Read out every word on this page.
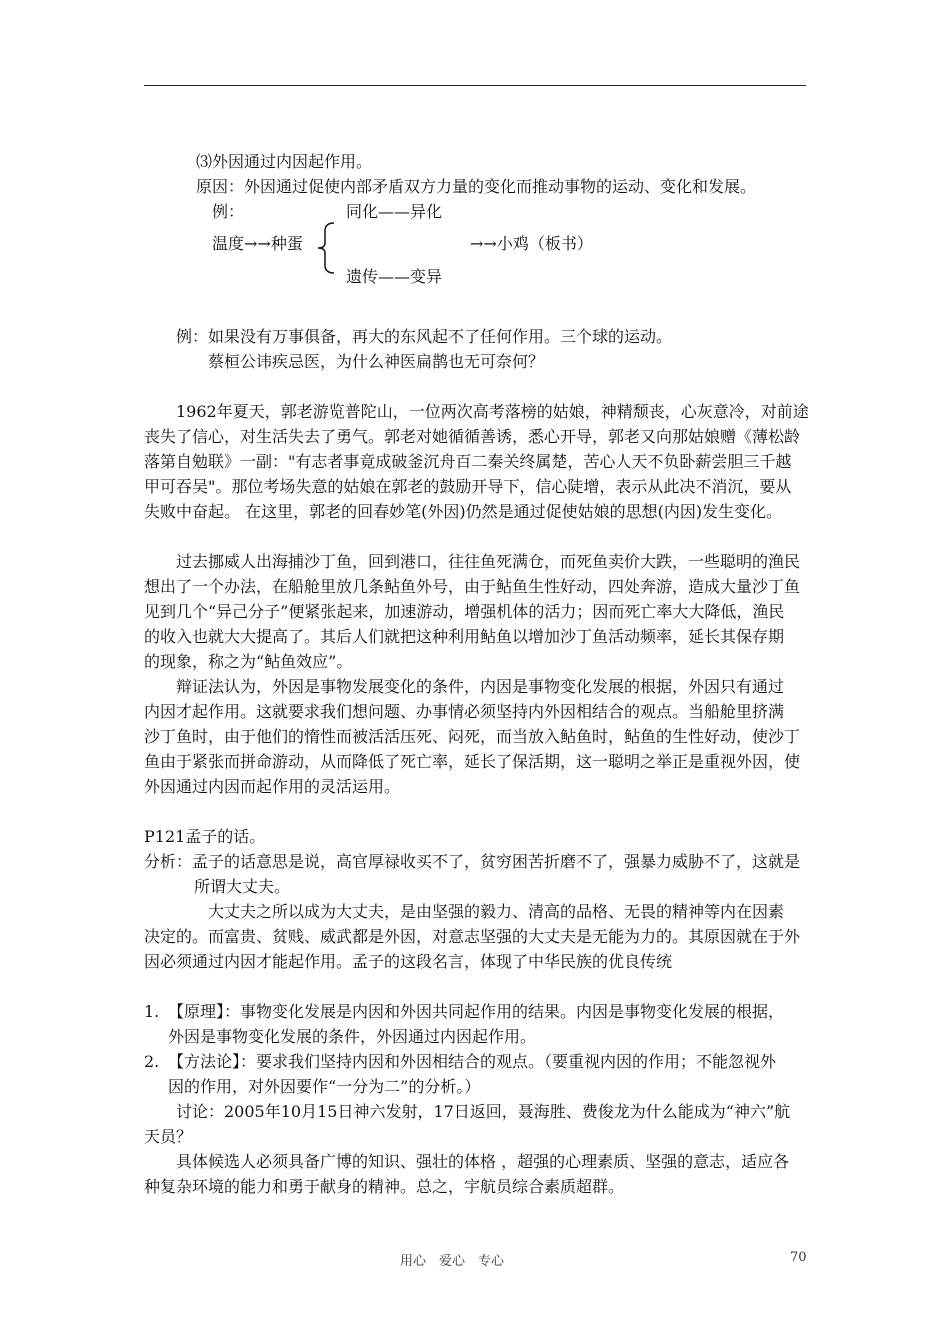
⑶外因通过内因起作用。
原因：外因通过促使内部矛盾双方力量的变化而推动事物的运动、变化和发展。
例：	同化——异化
温度→→种蛋	→→小鸡（板书）
遗传——变异
例：如果没有万事俱备，再大的东风起不了任何作用。三个球的运动。
蔡桓公讳疾忌医，为什么神医扁鹊也无可奈何？
1962年夏天，郭老游览普陀山，一位两次高考落榜的姑娘，神精颓丧，心灰意冷，对前途
丧失了信心，对生活失去了勇气。郭老对她循循善诱，悉心开导，郭老又向那姑娘赠《薄松龄
落第自勉联》一副："有志者事竟成破釜沉舟百二秦关终属楚，苦心人天不负卧薪尝胆三千越
甲可吞吴"。那位考场失意的姑娘在郭老的鼓励开导下，信心陡增，表示从此决不消沉，要从
失败中奋起。 在这里，郭老的回春妙笔(外因)仍然是通过促使姑娘的思想(内因)发生变化。
过去挪威人出海捕沙丁鱼，回到港口，往往鱼死满仓，而死鱼卖价大跌，一些聪明的渔民
想出了一个办法，在船舱里放几条鲇鱼外号，由于鲇鱼生性好动，四处奔游，造成大量沙丁鱼
见到几个“异己分子”便紧张起来，加速游动，增强机体的活力；因而死亡率大大降低，渔民
的收入也就大大提高了。其后人们就把这种利用鲇鱼以增加沙丁鱼活动频率，延长其保存期
的现象，称之为“鲇鱼效应”。
辩证法认为，外因是事物发展变化的条件，内因是事物变化发展的根据，外因只有通过
内因才起作用。这就要求我们想问题、办事情必须坚持内外因相结合的观点。当船舱里挤满
沙丁鱼时，由于他们的惰性而被活活压死、闷死，而当放入鲇鱼时，鲇鱼的生性好动，使沙丁
鱼由于紧张而拼命游动，从而降低了死亡率，延长了保活期，这一聪明之举正是重视外因，使
外因通过内因而起作用的灵活运用。
P121孟子的话。
分析：孟子的话意思是说，高官厚禄收买不了，贫穷困苦折磨不了，强暴力威胁不了，这就是
所谓大丈夫。
大丈夫之所以成为大丈夫，是由坚强的毅力、清高的品格、无畏的精神等内在因素
决定的。而富贵、贫贱、威武都是外因，对意志坚强的大丈夫是无能为力的。其原因就在于外
因必须通过内因才能起作用。孟子的这段名言，体现了中华民族的优良传统
1. 【原理】：事物变化发展是内因和外因共同起作用的结果。内因是事物变化发展的根据，
外因是事物变化发展的条件，外因通过内因起作用。
2. 【方法论】：要求我们坚持内因和外因相结合的观点。（要重视内因的作用；不能忽视外
因的作用，对外因要作“一分为二”的分析。）
讨论：2005年10月15日神六发射，17日返回，聂海胜、费俊龙为什么能成为“神六”航
天员？
具体候选人必须具备广博的知识、强壮的体格 ，超强的心理素质、坚强的意志，适应各
种复杂环境的能力和勇于献身的精神。总之，宇航员综合素质超群。
用心　爱心　专心	70
